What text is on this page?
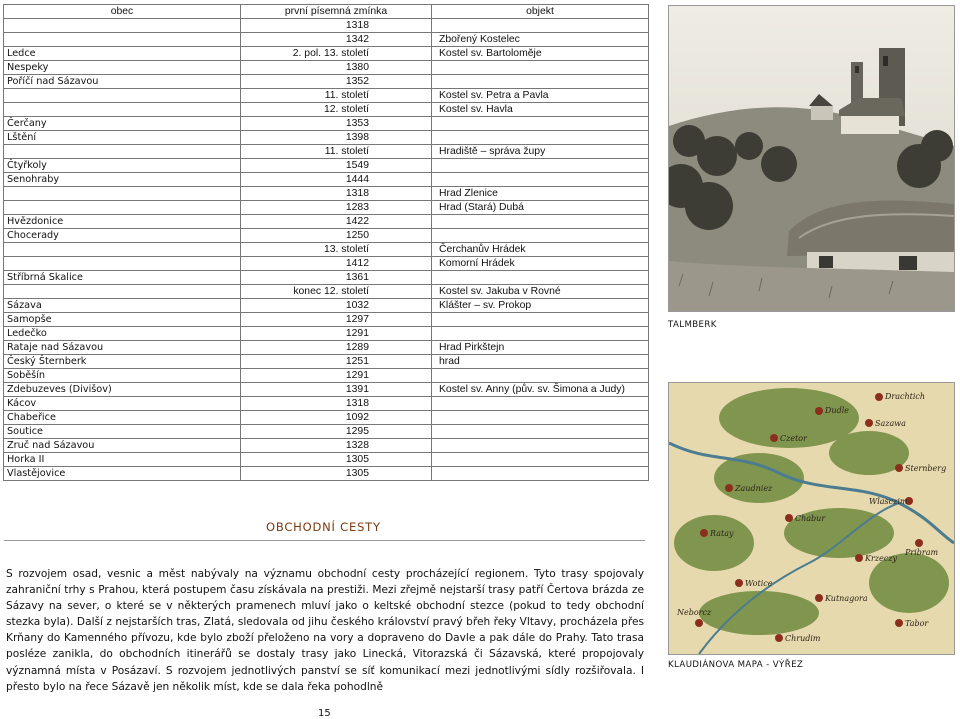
obec	první písemná zmínka	objekt
	1318	
	1342	Zbořený Kostelec
Ledce	2. pol. 13. století	Kostel sv. Bartoloměje
Nespeky	1380	
Poříčí nad Sázavou	1352	
	11. století	Kostel sv. Petra a Pavla
	12. století	Kostel sv. Havla
Čerčany	1353	
Lštění	1398	
	11. století	Hradiště – správa župy
Čtyřkoly	1549	
Senohraby	1444	
	1318	Hrad Zlenice
	1283	Hrad (Stará) Dubá
Hvězdonice	1422	
Chocerady	1250	
	13. století	Čerchanův Hrádek
	1412	Komorní Hrádek
Stříbrná Skalice	1361	
	konec 12. století	Kostel sv. Jakuba v Rovné
Sázava	1032	Klášter – sv. Prokop
Samopše	1297	
Ledečko	1291	
Rataje nad Sázavou	1289	Hrad Pirkštejn
Český Šternberk	1251	hrad
Soběšín	1291	
Zdebuzeves (Divišov)	1391	Kostel sv. Anny (pův. sv. Šimona a Judy)
Kácov	1318	
Chabeřice	1092	
Soutice	1295	
Zruč nad Sázavou	1328	
Horka II	1305	
Vlastějovice	1305	
TALMBERK
Drachtich
Dudle
Sazawa
Czetor
Sternberg
Wlasczim
Zaudniez
Chabur
Ratay
Krzeczy
Pribram
Wotice
Kutnagora
Tabor
Neborcz
Chrudim
KLAUDIÁNOVA MAPA - VÝŘEZ
OBCHODNÍ CESTY
S rozvojem osad, vesnic a měst nabývaly na významu obchodní cesty procházející regionem. Tyto trasy spojovaly zahraniční trhy s Prahou, která postupem času získávala na prestiži. Mezi zřejmě nejstarší trasy patří Čertova brázda ze Sázavy na sever, o které se v některých pramenech mluví jako o keltské obchodní stezce (pokud to tedy obchodní stezka byla). Další z nejstarších tras, Zlatá, sledovala od jihu českého království pravý břeh řeky Vltavy, procházela přes Krňany do Kamenného přívozu, kde bylo zboží přeloženo na vory a dopraveno do Davle a pak dále do Prahy. Tato trasa posléze zanikla, do obchodních itinerářů se dostaly trasy jako Linecká, Vitorazská či Sázavská, které propojovaly významná místa v Posázaví. S rozvojem jednotlivých panství se síť komunikací mezi jednotlivými sídly rozšiřovala. I přesto bylo na řece Sázavě jen několik míst, kde se dala řeka pohodlně
15
